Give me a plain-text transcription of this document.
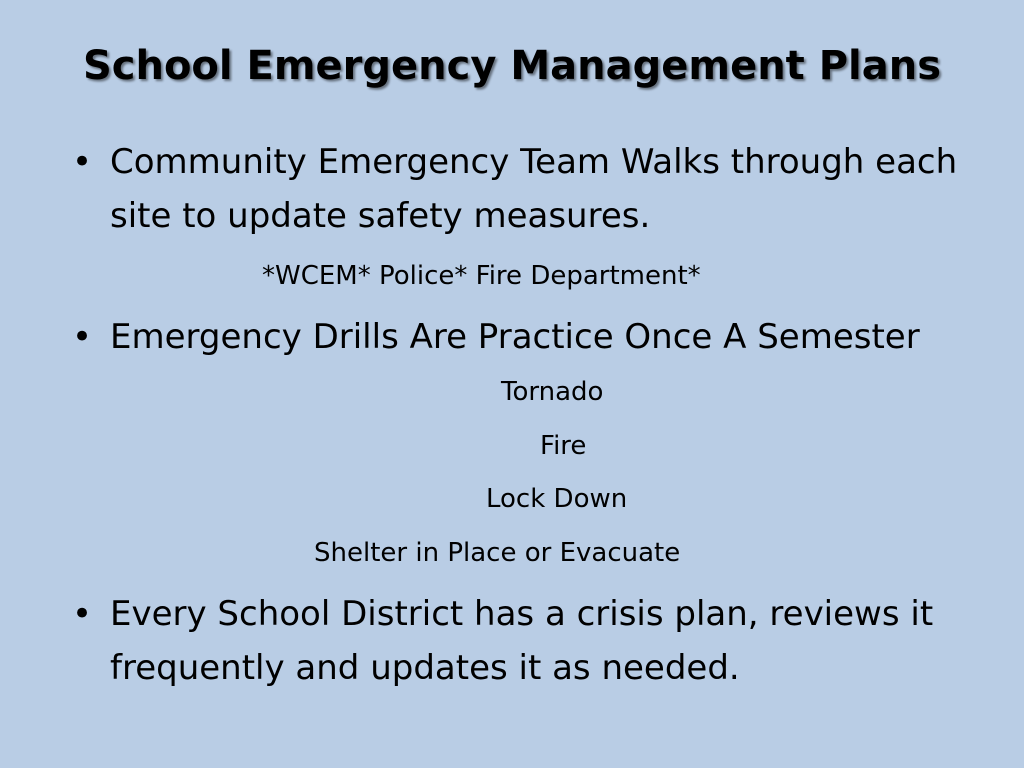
School Emergency Management Plans
• Community Emergency Team Walks through each site to update safety measures.
*WCEM* Police* Fire Department*
• Emergency Drills Are Practice Once A Semester
Tornado
Fire
Lock Down
Shelter in Place or Evacuate
• Every School District has a crisis plan, reviews it frequently and updates it as needed.
